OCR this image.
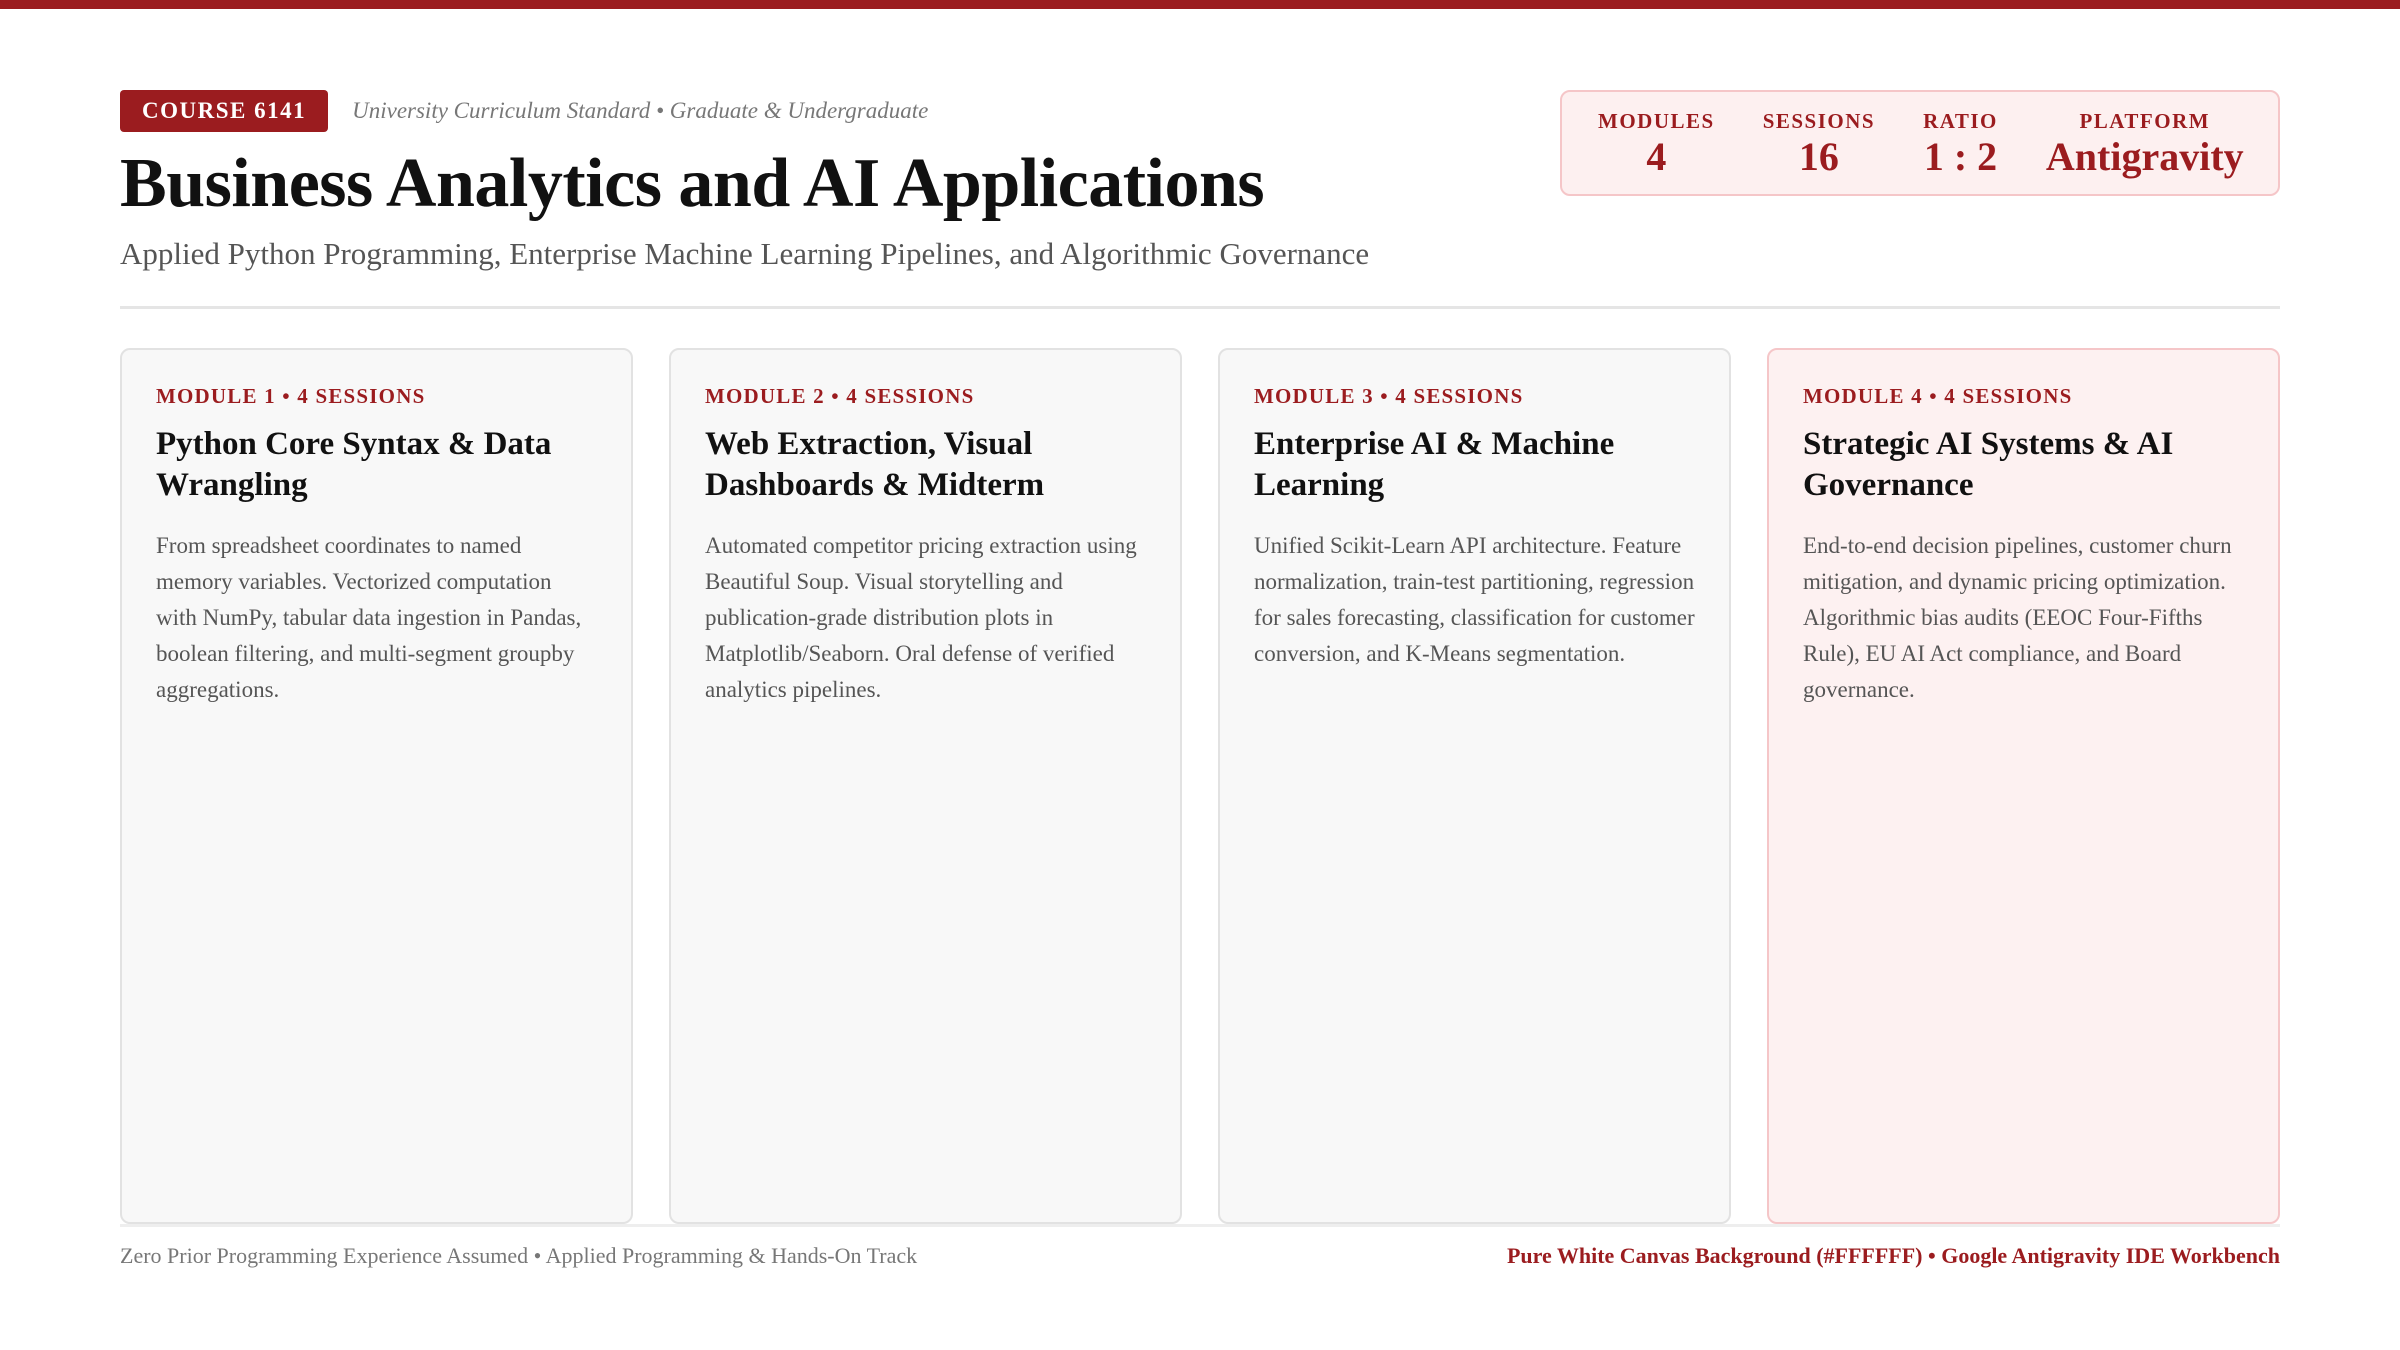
COURSE 6141	University Curriculum Standard • Graduate & Undergraduate
Business Analytics and AI Applications
Applied Python Programming, Enterprise Machine Learning Pipelines, and Algorithmic Governance
MODULES
4
SESSIONS
16
RATIO
1 : 2
PLATFORM
Antigravity
MODULE 1 • 4 SESSIONS
Python Core Syntax & Data Wrangling

From spreadsheet coordinates to named memory variables. Vectorized computation with NumPy, tabular data ingestion in Pandas, boolean filtering, and multi-segment groupby aggregations.

MODULE 2 • 4 SESSIONS
Web Extraction, Visual Dashboards & Midterm

Automated competitor pricing extraction using Beautiful Soup. Visual storytelling and publication-grade distribution plots in Matplotlib/Seaborn. Oral defense of verified analytics pipelines.

MODULE 3 • 4 SESSIONS
Enterprise AI & Machine Learning

Unified Scikit-Learn API architecture. Feature normalization, train-test partitioning, regression for sales forecasting, classification for customer conversion, and K-Means segmentation.

MODULE 4 • 4 SESSIONS
Strategic AI Systems & AI Governance

End-to-end decision pipelines, customer churn mitigation, and dynamic pricing optimization. Algorithmic bias audits (EEOC Four-Fifths Rule), EU AI Act compliance, and Board governance.

Zero Prior Programming Experience Assumed • Applied Programming & Hands-On Track	Pure White Canvas Background (#FFFFFF) • Google Antigravity IDE Workbench
